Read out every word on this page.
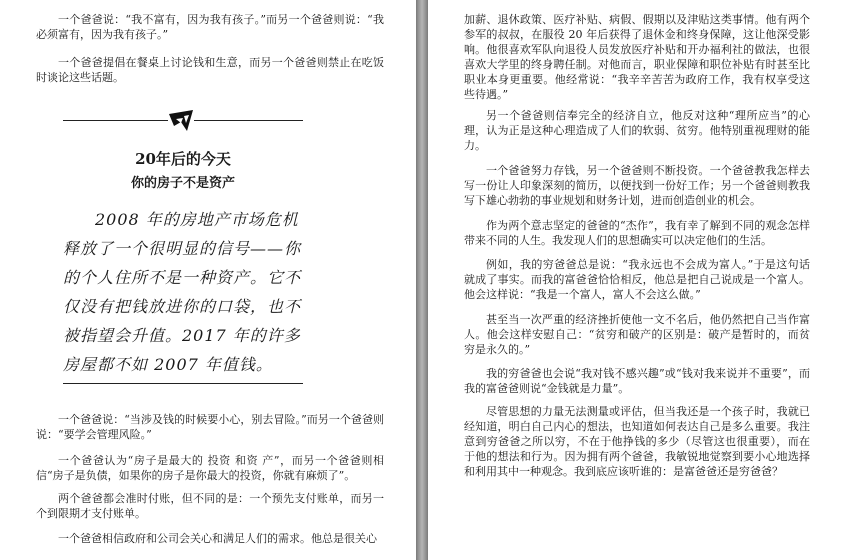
一个爸爸说：“我不富有，因为我有孩子。”而另一个爸爸则说：“我必须富有，因为我有孩子。”

一个爸爸提倡在餐桌上讨论钱和生意，而另一个爸爸则禁止在吃饭时谈论这些话题。

20年后的今天

你的房子不是资产

2008 年的房地产市场危机释放了一个很明显的信号——你的个人住所不是一种资产。它不仅没有把钱放进你的口袋，也不被指望会升值。2017 年的许多房屋都不如 2007 年值钱。

一个爸爸说：“当涉及钱的时候要小心，别去冒险。”而另一个爸爸则说：“要学会管理风险。”

一个爸爸认为“房子是最大的 投资 和资 产”，而另一个爸爸则相信“房子是负债，如果你的房子是你最大的投资，你就有麻烦了”。

两个爸爸都会准时付账，但不同的是：一个预先支付账单，而另一个到限期才支付账单。

一个爸爸相信政府和公司会关心和满足人们的需求。他总是很关心

加薪、退休政策、医疗补贴、病假、假期以及津贴这类事情。他有两个参军的叔叔，在服役 20 年后获得了退休金和终身保障，这让他深受影响。他很喜欢军队向退役人员发放医疗补贴和开办福利社的做法，也很喜欢大学里的终身聘任制。对他而言，职业保障和职位补贴有时甚至比职业本身更重要。他经常说：“我辛辛苦苦为政府工作，我有权享受这些待遇。”

另一个爸爸则信奉完全的经济自立，他反对这种“理所应当”的心理，认为正是这种心理造成了人们的软弱、贫穷。他特别重视理财的能力。

一个爸爸努力存钱，另一个爸爸则不断投资。一个爸爸教我怎样去写一份让人印象深刻的简历，以便找到一份好工作；另一个爸爸则教我写下雄心勃勃的事业规划和财务计划，进而创造创业的机会。

作为两个意志坚定的爸爸的“杰作”，我有幸了解到不同的观念怎样带来不同的人生。我发现人们的思想确实可以决定他们的生活。

例如，我的穷爸爸总是说：“我永远也不会成为富人。”于是这句话就成了事实。而我的富爸爸恰恰相反，他总是把自己说成是一个富人。他会这样说：“我是一个富人，富人不会这么做。”

甚至当一次严重的经济挫折使他一文不名后，他仍然把自己当作富人。他会这样安慰自己：“贫穷和破产的区别是：破产是暂时的，而贫穷是永久的。”

我的穷爸爸也会说“我对钱不感兴趣”或“钱对我来说并不重要”，而我的富爸爸则说“金钱就是力量”。

尽管思想的力量无法测量或评估，但当我还是一个孩子时，我就已经知道，明白自己内心的想法，也知道如何表达自己是多么重要。我注意到穷爸爸之所以穷，不在于他挣钱的多少（尽管这也很重要），而在于他的想法和行为。因为拥有两个爸爸，我敏锐地觉察到要小心地选择和利用其中一种观念。我到底应该听谁的：是富爸爸还是穷爸爸？
